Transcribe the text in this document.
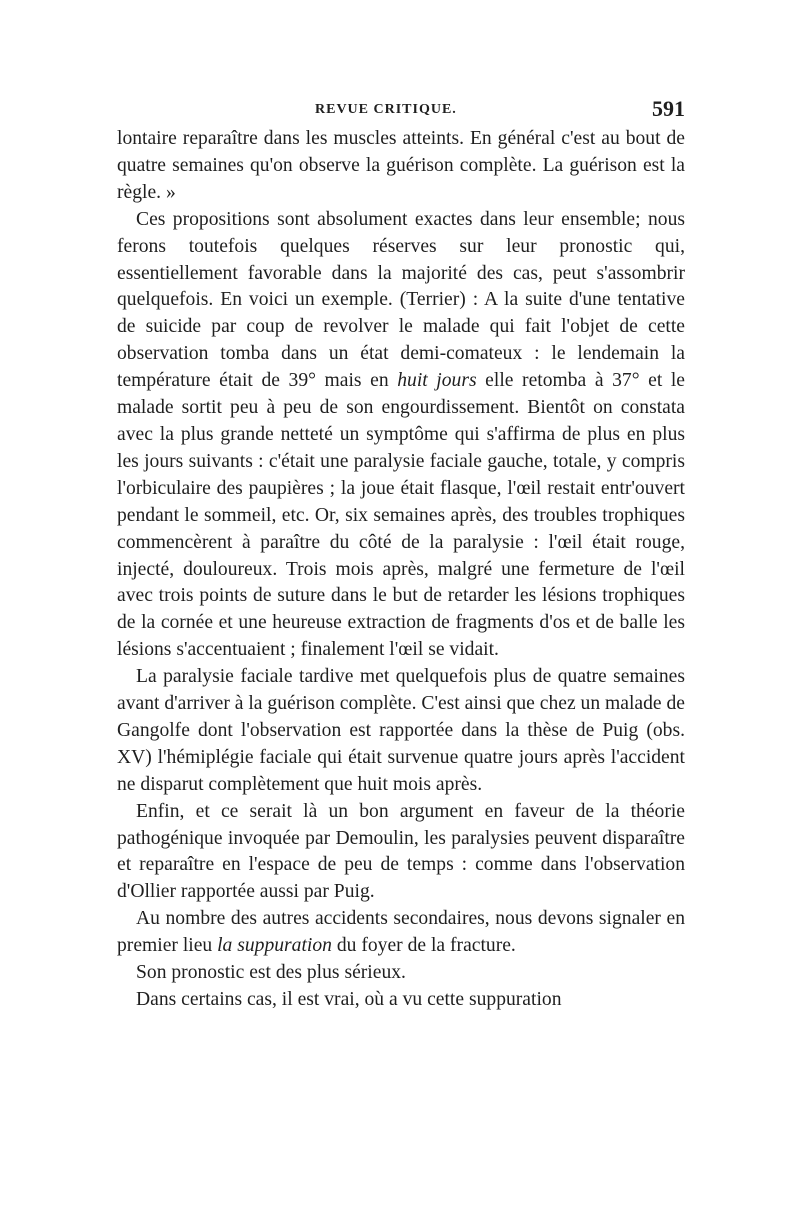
REVUE CRITIQUE.	591

lontaire reparaître dans les muscles atteints. En général c'est au bout de quatre semaines qu'on observe la guérison complète. La guérison est la règle. »

Ces propositions sont absolument exactes dans leur ensemble; nous ferons toutefois quelques réserves sur leur pronostic qui, essentiellement favorable dans la majorité des cas, peut s'assombrir quelquefois. En voici un exemple. (Terrier) : A la suite d'une tentative de suicide par coup de revolver le malade qui fait l'objet de cette observation tomba dans un état demi-comateux : le lendemain la température était de 39° mais en huit jours elle retomba à 37° et le malade sortit peu à peu de son engourdissement. Bientôt on constata avec la plus grande netteté un symptôme qui s'affirma de plus en plus les jours suivants : c'était une paralysie faciale gauche, totale, y compris l'orbiculaire des paupières ; la joue était flasque, l'œil restait entr'ouvert pendant le sommeil, etc. Or, six semaines après, des troubles trophiques commencèrent à paraître du côté de la paralysie : l'œil était rouge, injecté, douloureux. Trois mois après, malgré une fermeture de l'œil avec trois points de suture dans le but de retarder les lésions trophiques de la cornée et une heureuse extraction de fragments d'os et de balle les lésions s'accentuaient ; finalement l'œil se vidait.

La paralysie faciale tardive met quelquefois plus de quatre semaines avant d'arriver à la guérison complète. C'est ainsi que chez un malade de Gangolfe dont l'observation est rapportée dans la thèse de Puig (obs. XV) l'hémiplégie faciale qui était survenue quatre jours après l'accident ne disparut complètement que huit mois après.

Enfin, et ce serait là un bon argument en faveur de la théorie pathogénique invoquée par Demoulin, les paralysies peuvent disparaître et reparaître en l'espace de peu de temps : comme dans l'observation d'Ollier rapportée aussi par Puig.

Au nombre des autres accidents secondaires, nous devons signaler en premier lieu la suppuration du foyer de la fracture.

Son pronostic est des plus sérieux.

Dans certains cas, il est vrai, où a vu cette suppuration
